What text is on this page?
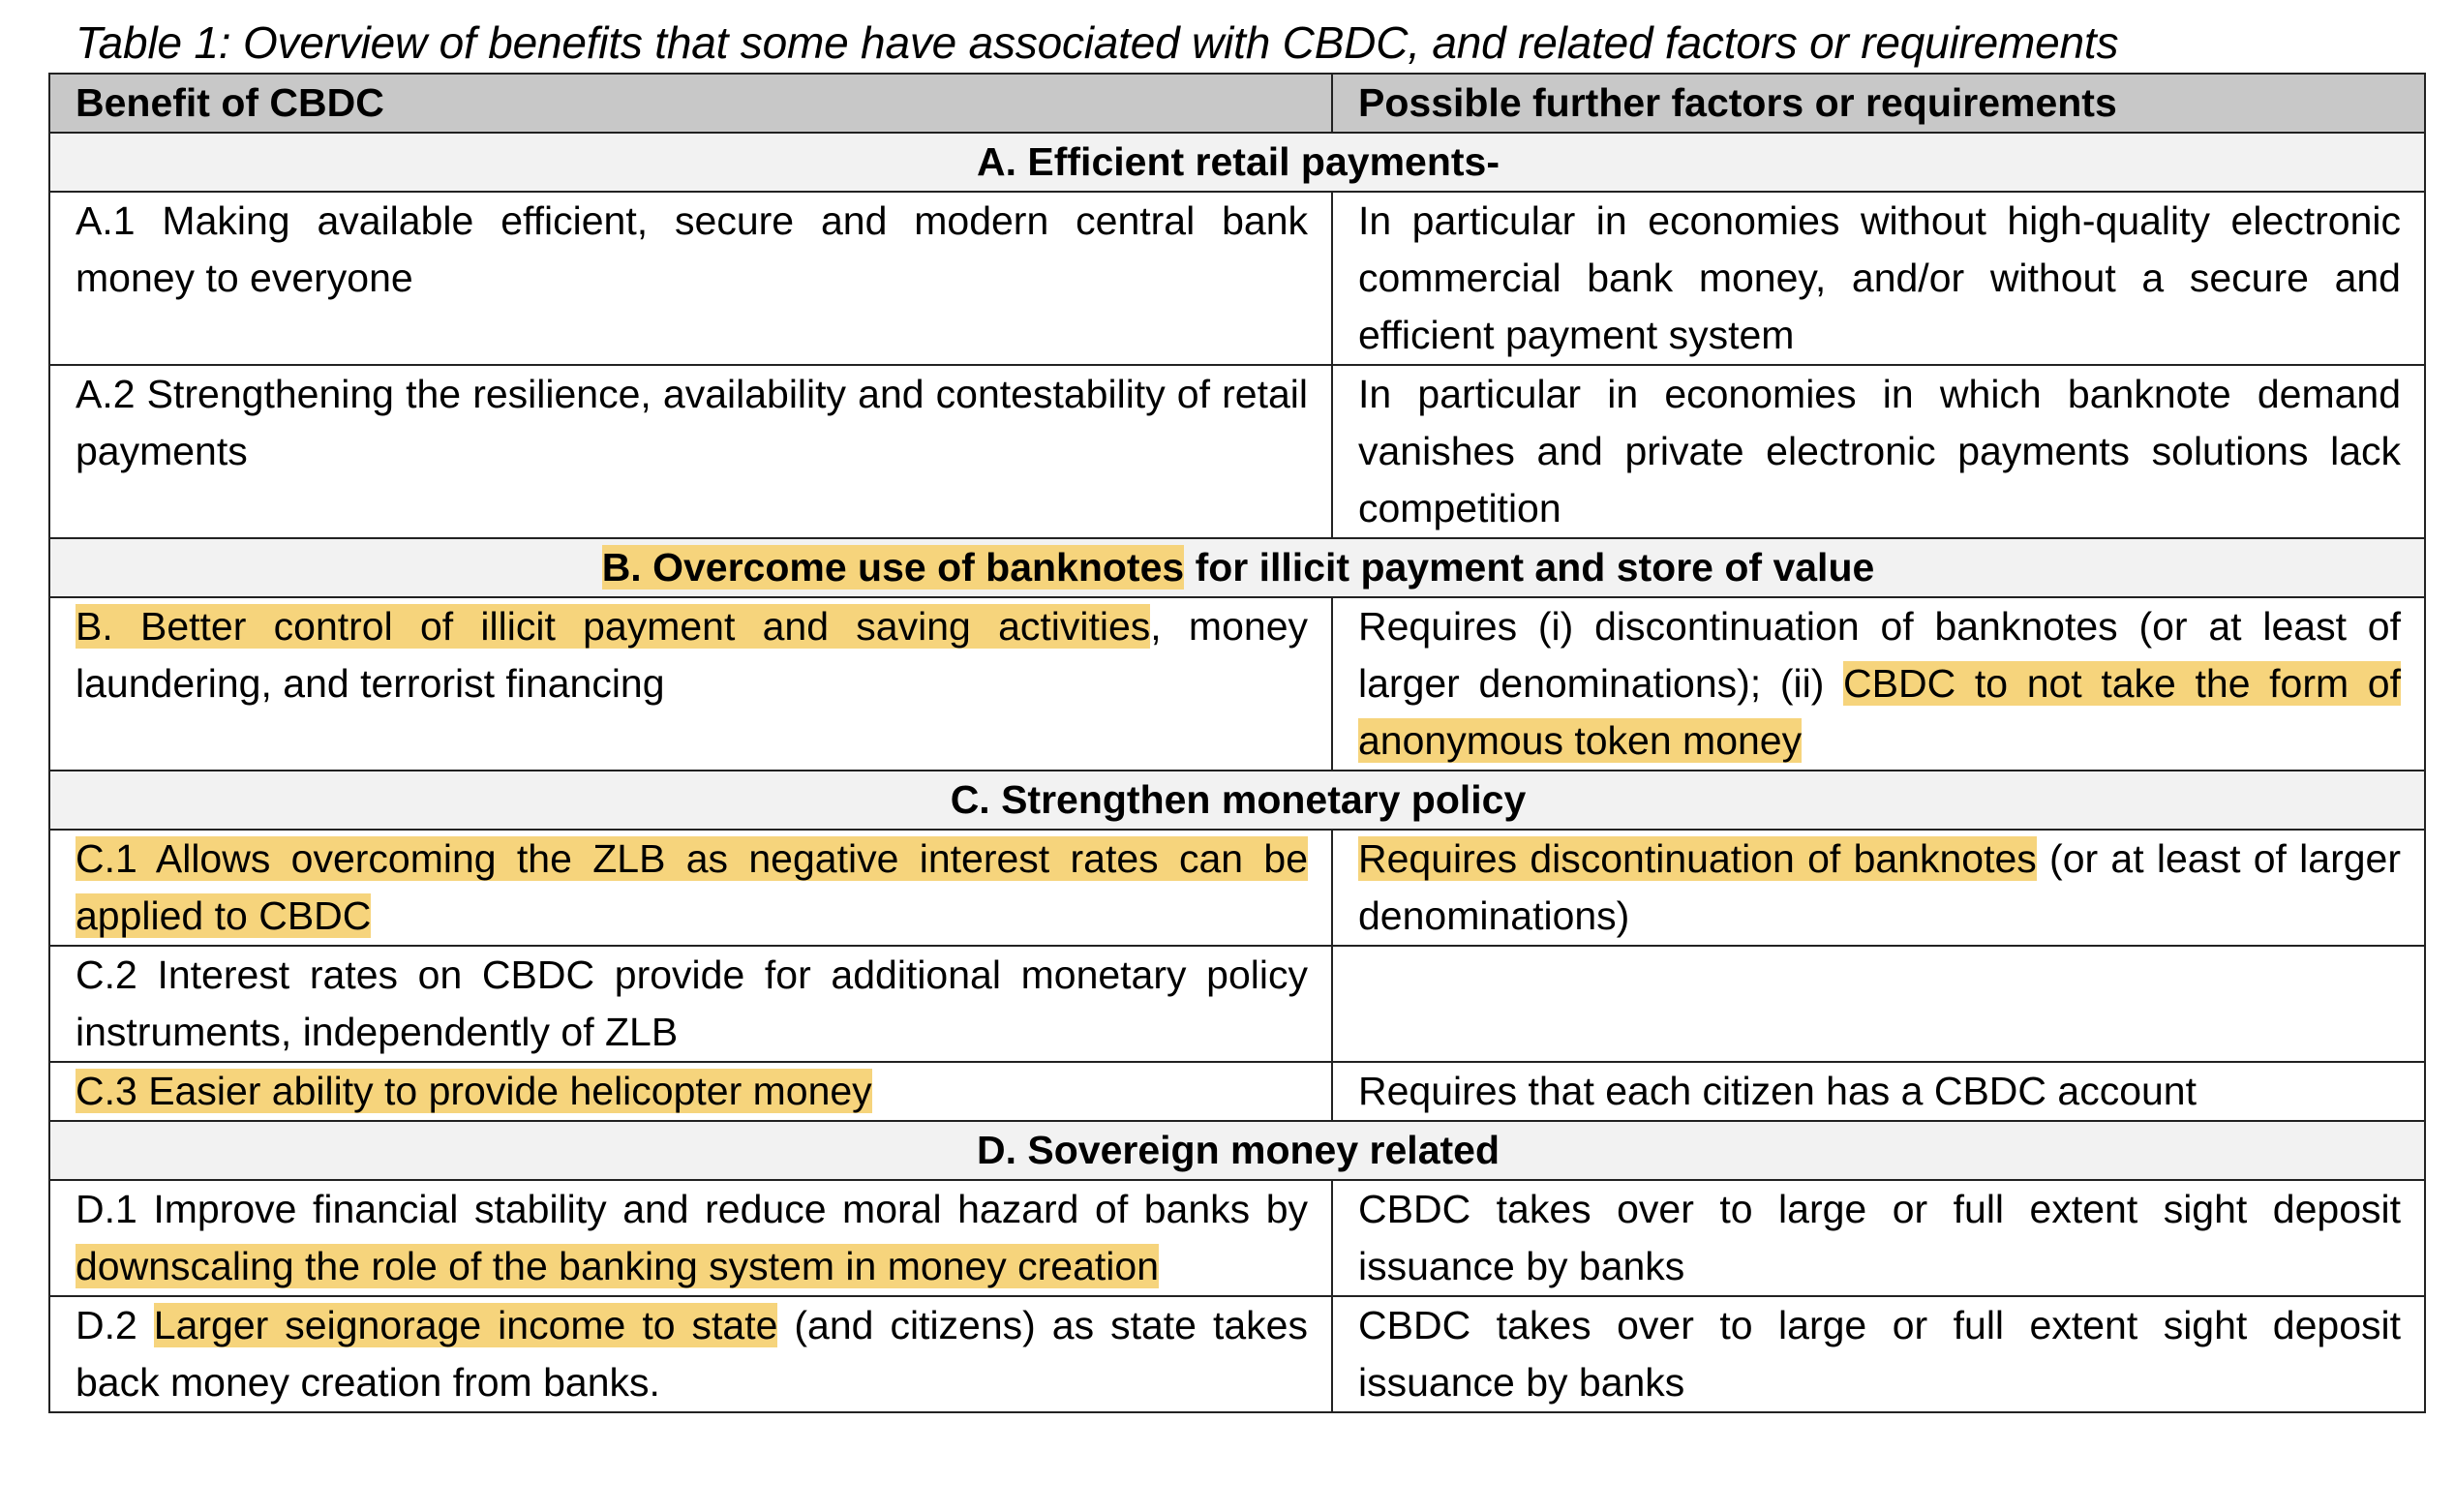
Table 1: Overview of benefits that some have associated with CBDC, and related factors or requirements
Benefit of CBDC	Possible further factors or requirements
A. Efficient retail payments-	
A.1 Making available efficient, secure and modern central bank money to everyone	In particular in economies without high-quality electronic commercial bank money, and/or without a secure and efficient payment system
A.2 Strengthening the resilience, availability and contestability of retail payments	In particular in economies in which banknote demand vanishes and private electronic payments solutions lack competition
B. Overcome use of banknotes for illicit payment and store of value	
B. Better control of illicit payment and saving activities, money laundering, and terrorist financing	Requires (i) discontinuation of banknotes (or at least of larger denominations); (ii) CBDC to not take the form of anonymous token money
C. Strengthen monetary policy	
C.1 Allows overcoming the ZLB as negative interest rates can be applied to CBDC	Requires discontinuation of banknotes (or at least of larger denominations)
C.2 Interest rates on CBDC provide for additional monetary policy instruments, independently of ZLB	
C.3 Easier ability to provide helicopter money	Requires that each citizen has a CBDC account
D. Sovereign money related	
D.1 Improve financial stability and reduce moral hazard of banks by downscaling the role of the banking system in money creation	CBDC takes over to large or full extent sight deposit issuance by banks
D.2 Larger seignorage income to state (and citizens) as state takes back money creation from banks.	CBDC takes over to large or full extent sight deposit issuance by banks
